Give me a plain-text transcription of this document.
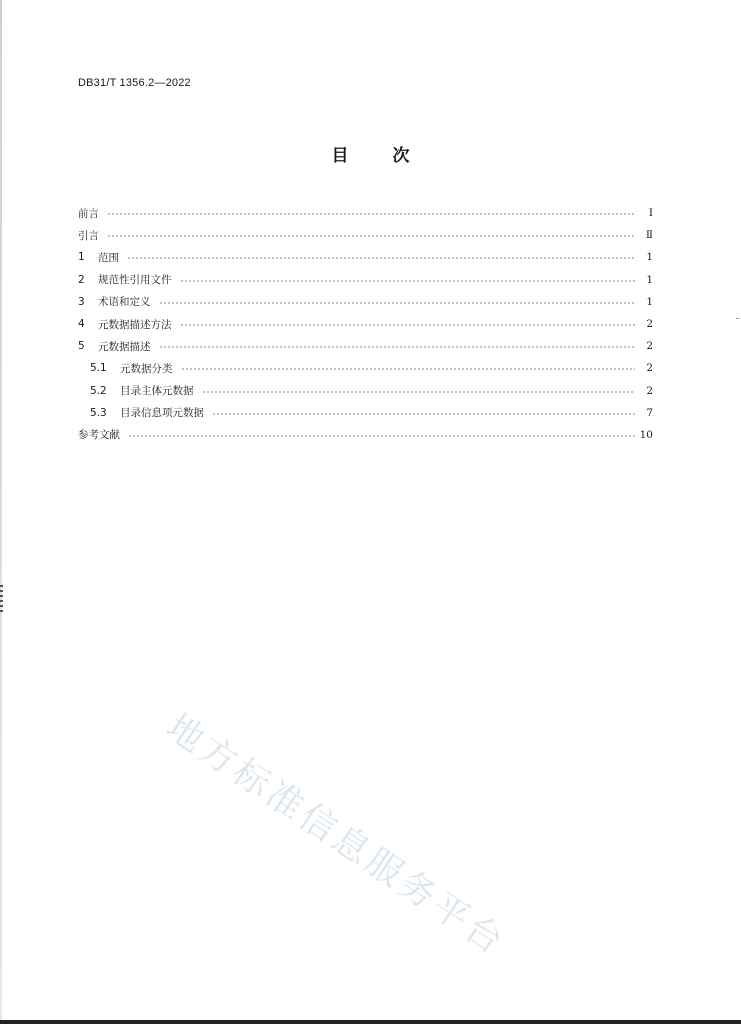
DB31/T 1356.2—2022
目	次
前言	Ⅰ
引言	Ⅱ
1	范围	1
2	规范性引用文件	1
3	术语和定义	1
4	元数据描述方法	2
5	元数据描述	2
5.1	元数据分类	2
5.2	目录主体元数据	2
5.3	目录信息项元数据	7
参考文献	10
地方标准信息服务平台
